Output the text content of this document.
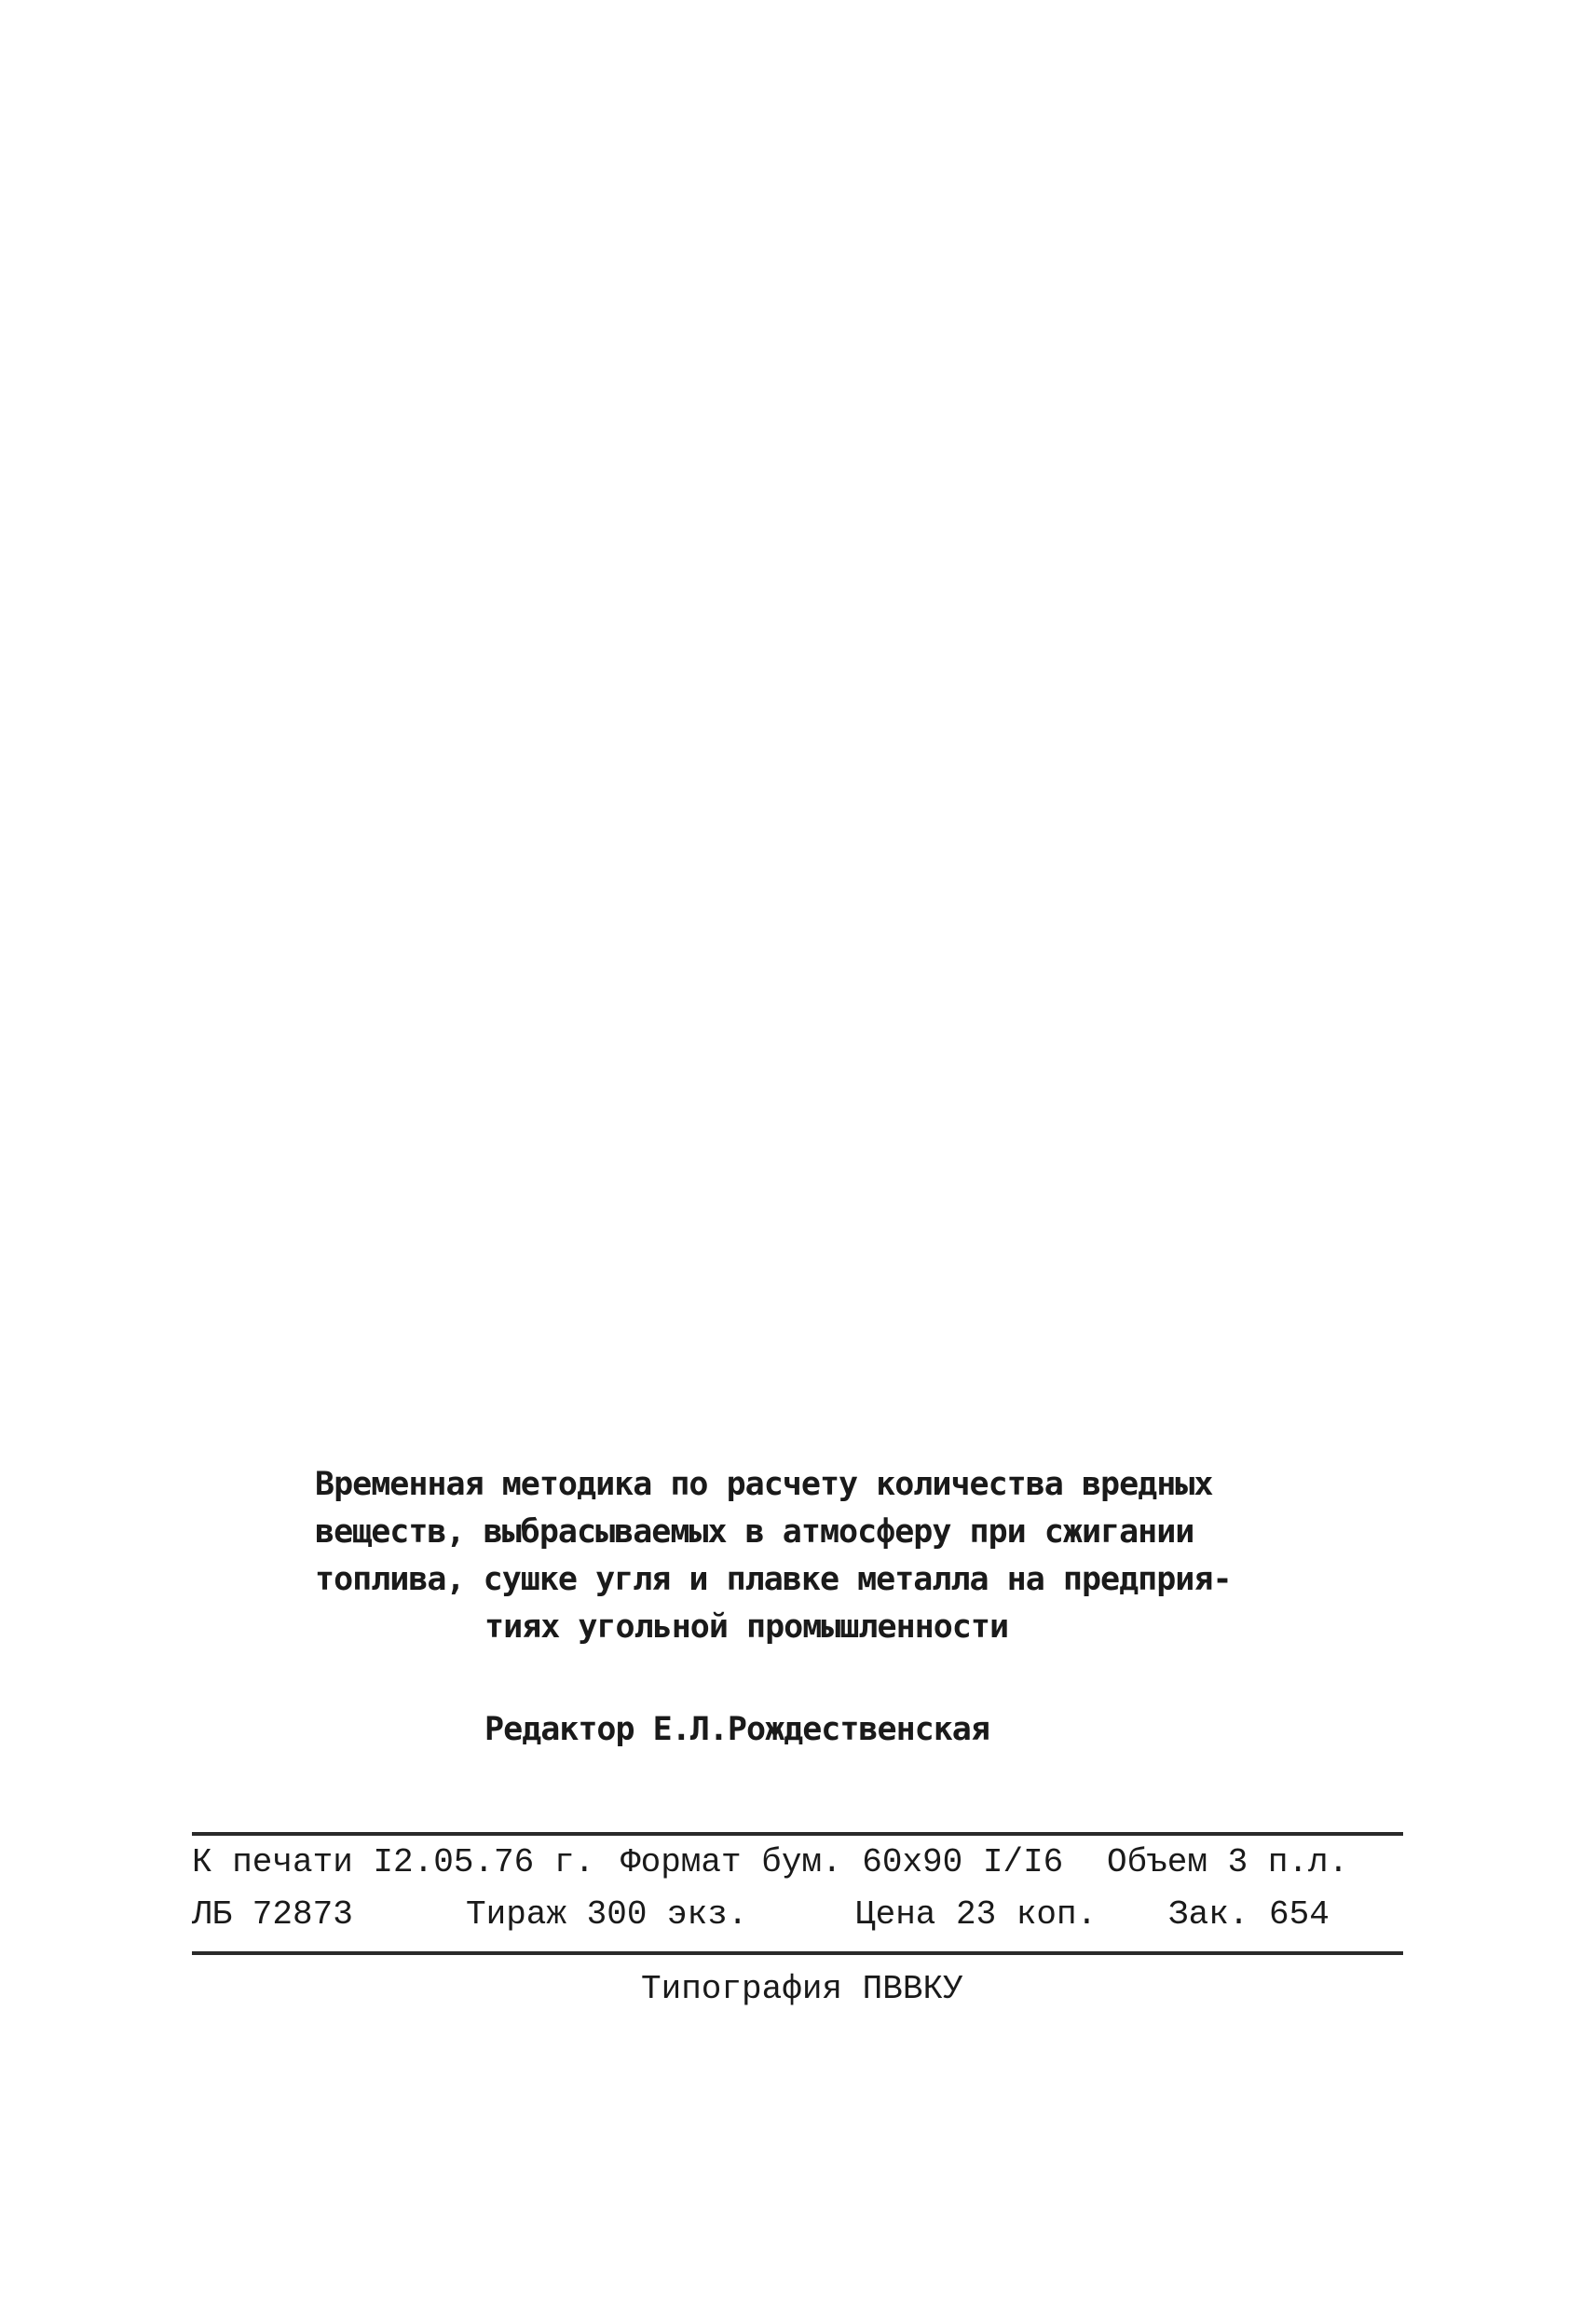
Временная методика по расчету количества вредных
веществ, выбрасываемых в атмосферу при сжигании
топлива, сушке угля и плавке металла на предприя-
тиях угольной промышленности
Редактор Е.Л.Рождественская
К печати I2.05.76 г. Формат бум. 60х90 I/I6 Объем 3 п.л.
ЛБ 72873	Тираж 300 экз.	Цена 23 коп. Зак. 654
Типография ПВВКУ
